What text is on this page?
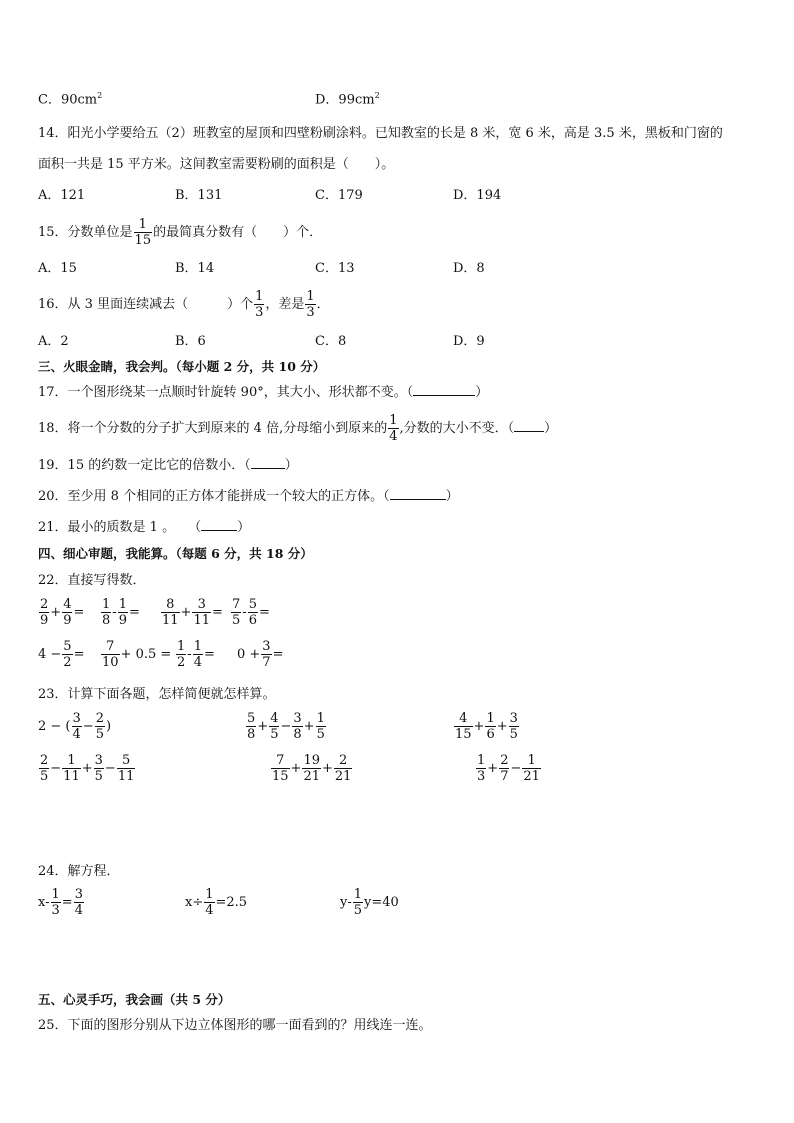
C．$90cm^2$	D．$99cm^2$
14．阳光小学要给五（2）班教室的屋顶和四壁粉刷涂料。已知教室的长是 8 米，宽 6 米，高是 3.5 米，黑板和门窗的
面积一共是 15 平方米。这间教室需要粉刷的面积是（　　）。
A．121	B．131	C．179	D．194
15．分数单位是 $\frac{1}{15}$ 的最简真分数有（　　）个．
A．15	B．14	C．13	D．8
16．从 3 里面连续减去（　　　）个 $\frac{1}{3}$ ，差是 $\frac{1}{3}$ ．
A．2	B．6	C．8	D．9
三、火眼金睛，我会判。（每小题 2 分，共 10 分）
17．一个图形绕某一点顺时针旋转 90°，其大小、形状都不变。（	）
18．将一个分数的分子扩大到原来的 4 倍,分母缩小到原来的 $\frac{1}{4}$ ,分数的大小不变．（ ）
19．15 的约数一定比它的倍数小．（	）
20．至少用 8 个相同的正方体才能拼成一个较大的正方体。（	）
21．最小的质数是 1 。　　（	）
四、细心审题，我能算。（每题 6 分，共 18 分）
22．直接写得数．
$\frac{2}{9} + \frac{4}{9} = \frac{1}{8} - \frac{1}{9} = \frac{8}{11} + \frac{3}{11} = \frac{7}{5} - \frac{5}{6}$ =
$4 - \frac{5}{2} = \frac{7}{10} + 0.5 = \frac{1}{2} - \frac{1}{4} = 0 + \frac{3}{7}$ =
23．计算下面各题，怎样简便就怎样算。
2 − ( $\frac{3}{4} - \frac{2}{5}$ )	$\frac{5}{8} + \frac{4}{5} - \frac{3}{8} + \frac{1}{5}$	$\frac{4}{15} + \frac{1}{6} + \frac{3}{5}$
$\frac{2}{5} - \frac{1}{11} + \frac{3}{5} - \frac{5}{11}$	$\frac{7}{15} + \frac{19}{21} + \frac{2}{21}$	$\frac{1}{3} + \frac{2}{7} - \frac{1}{21}$
24．解方程．
$x- \frac{1}{3} = \frac{3}{4}$	$x\div \frac{1}{4} =2.5$	$y- \frac{1}{5} y=40$
五、心灵手巧，我会画（共 5 分）
25．下面的图形分别从下边立体图形的哪一面看到的？用线连一连。
